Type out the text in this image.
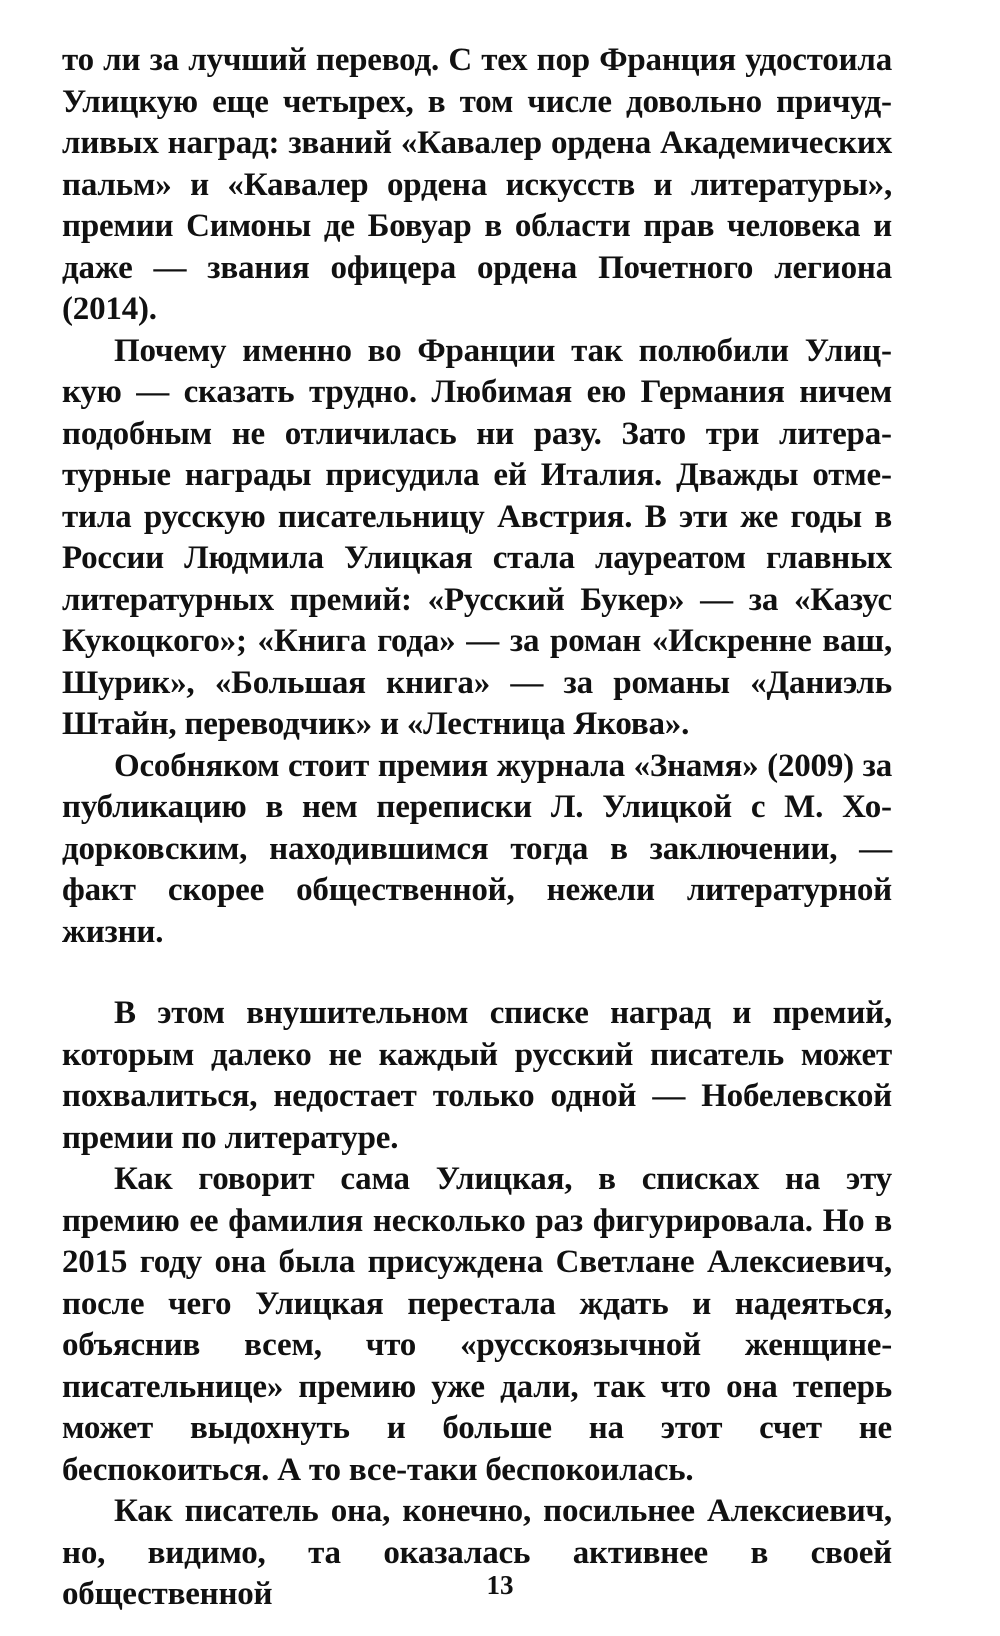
то ли за лучший перевод. С тех пор Франция удостоила Улицкую еще четырех, в том числе довольно причудливых наград: званий «Кавалер ордена Академических пальм» и «Кавалер ордена искусств и литературы», премии Симоны де Бовуар в области прав человека и даже — звания офицера ордена Почетного легиона (2014).

Почему именно во Франции так полюбили Улицкую — сказать трудно. Любимая ею Германия ничем подобным не отличилась ни разу. Зато три литературные награды присудила ей Италия. Дважды отметила русскую писательницу Австрия. В эти же годы в России Людмила Улицкая стала лауреатом главных литературных премий: «Русский Букер» — за «Казус Кукоцкого»; «Книга года» — за роман «Искренне ваш, Шурик», «Большая книга» — за романы «Даниэль Штайн, переводчик» и «Лестница Якова».

Особняком стоит премия журнала «Знамя» (2009) за публикацию в нем переписки Л. Улицкой с М. Ходорковским, находившимся тогда в заключении, — факт скорее общественной, нежели литературной жизни.

В этом внушительном списке наград и премий, которым далеко не каждый русский писатель может похвалиться, недостает только одной — Нобелевской премии по литературе.

Как говорит сама Улицкая, в списках на эту премию ее фамилия несколько раз фигурировала. Но в 2015 году она была присуждена Светлане Алексиевич, после чего Улицкая перестала ждать и надеяться, объяснив всем, что «русскоязычной женщине-писательнице» премию уже дали, так что она теперь может выдохнуть и больше на этот счет не беспокоиться. А то все-таки беспокоилась.

Как писатель она, конечно, посильнее Алексиевич, но, видимо, та оказалась активнее в своей общественной	13
